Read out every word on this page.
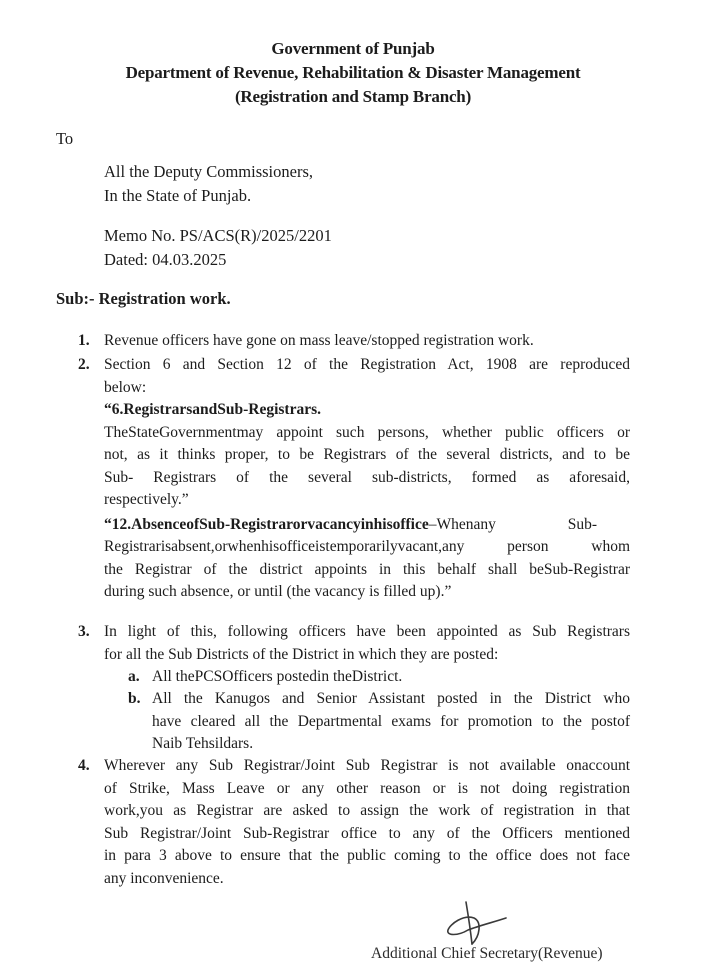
Government of Punjab
Department of Revenue, Rehabilitation & Disaster Management
(Registration and Stamp Branch)
To
All the Deputy Commissioners,
In the State of Punjab.
Memo No. PS/ACS(R)/2025/2201
Dated: 04.03.2025
Sub:- Registration work.
1. Revenue officers have gone on mass leave/stopped registration work.
2. Section 6 and Section 12 of the Registration Act, 1908 are reproduced
below:
“6.RegistrarsandSub-Registrars.
TheStateGovernmentmay appoint such persons, whether public officers or
not, as it thinks proper, to be Registrars of the several districts, and to be
Sub- Registrars of the several sub-districts, formed as aforesaid,
respectively.”
“12.AbsenceofSub-Registrarorvacancyinhisoffice–Whenany Sub-
Registrarisabsent,orwhenhisofficeistemporarilyvacant,any person whom
the Registrar of the district appoints in this behalf shall beSub-Registrar
during such absence, or until (the vacancy is filled up).”
3. In light of this, following officers have been appointed as Sub Registrars
for all the Sub Districts of the District in which they are posted:
a. All thePCSOfficers postedin theDistrict.
b. All the Kanugos and Senior Assistant posted in the District who
have cleared all the Departmental exams for promotion to the postof
Naib Tehsildars.
4. Wherever any Sub Registrar/Joint Sub Registrar is not available onaccount
of Strike, Mass Leave or any other reason or is not doing registration
work,you as Registrar are asked to assign the work of registration in that
Sub Registrar/Joint Sub-Registrar office to any of the Officers mentioned
in para 3 above to ensure that the public coming to the office does not face
any inconvenience.
Additional Chief Secretary(Revenue)
